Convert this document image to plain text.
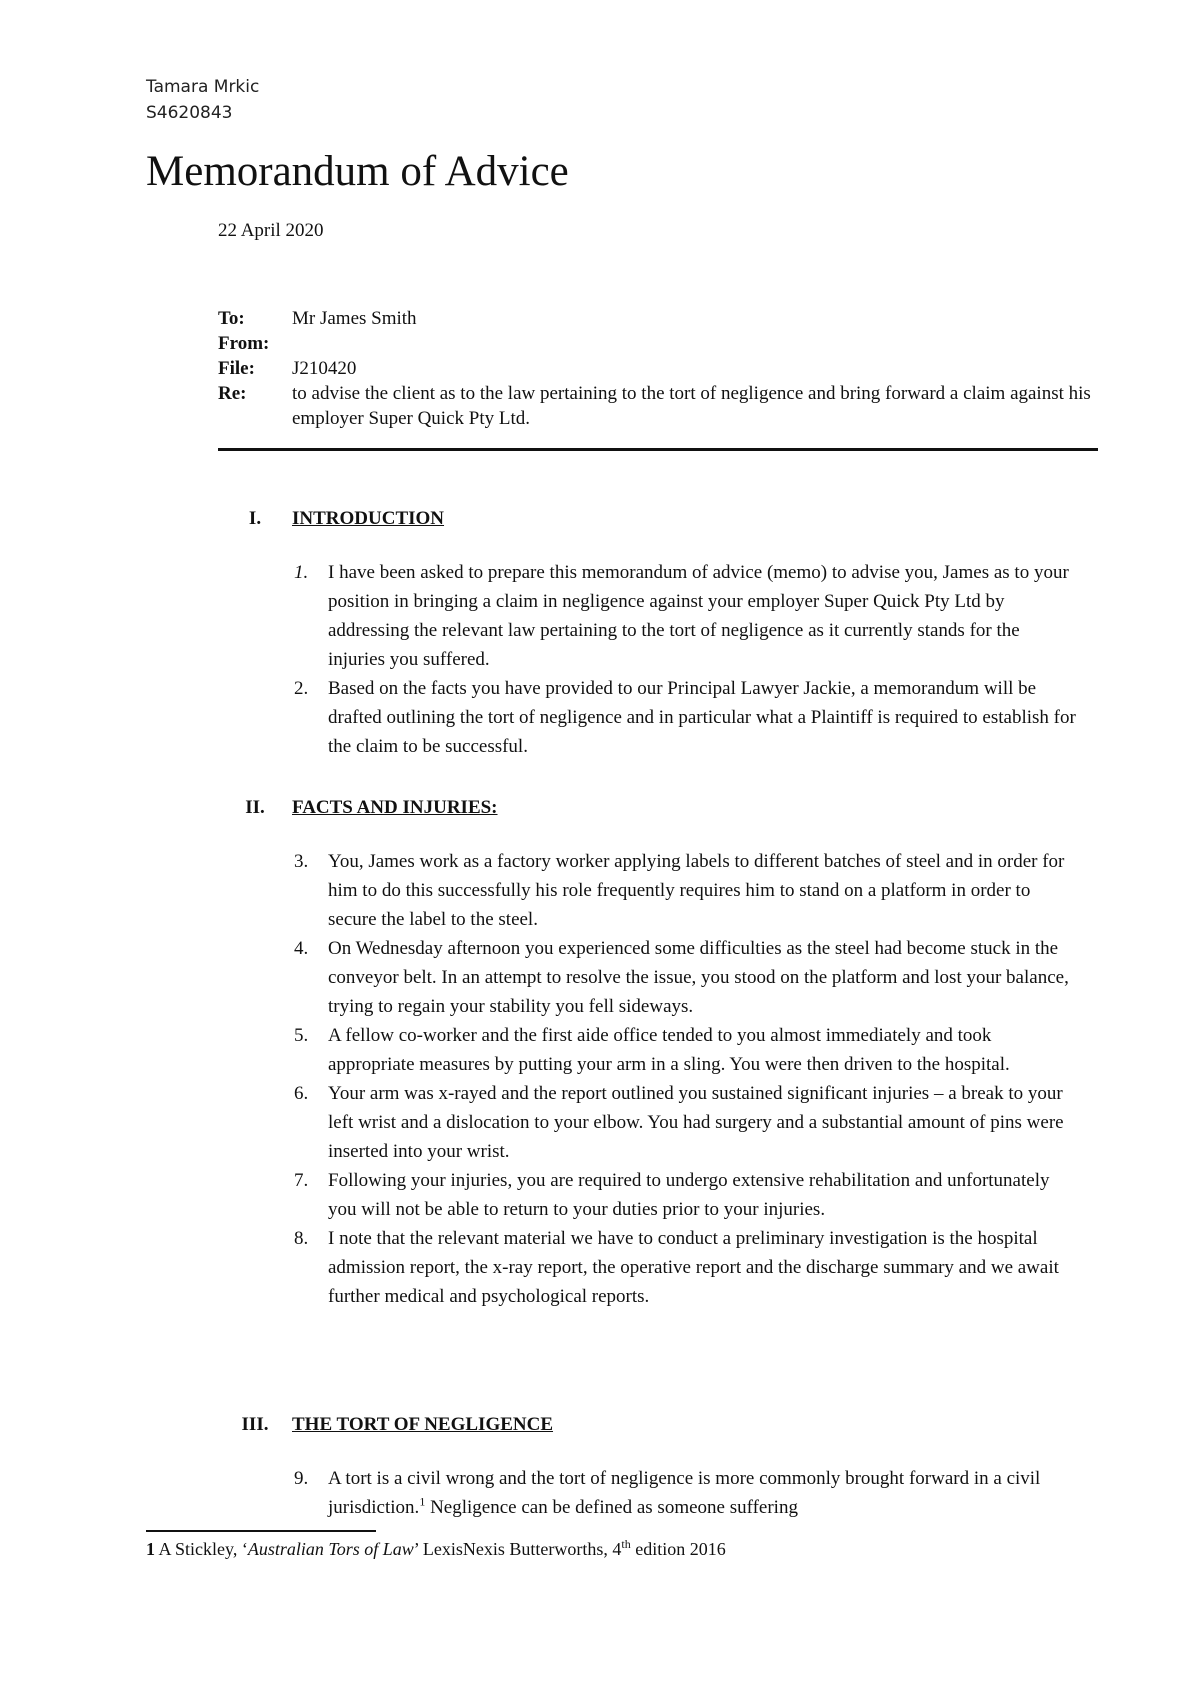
Tamara Mrkic
S4620843
Memorandum of Advice
22 April 2020
To:	Mr James Smith
From:
File:	J210420
Re:	to advise the client as to the law pertaining to the tort of negligence and bring forward a claim against his employer Super Quick Pty Ltd.
I.	INTRODUCTION
1.	I have been asked to prepare this memorandum of advice (memo) to advise you, James as to your position in bringing a claim in negligence against your employer Super Quick Pty Ltd by addressing the relevant law pertaining to the tort of negligence as it currently stands for the injuries you suffered.
2.	Based on the facts you have provided to our Principal Lawyer Jackie, a memorandum will be drafted outlining the tort of negligence and in particular what a Plaintiff is required to establish for the claim to be successful.
II.	FACTS AND INJURIES:
3.	You, James work as a factory worker applying labels to different batches of steel and in order for him to do this successfully his role frequently requires him to stand on a platform in order to secure the label to the steel.
4.	On Wednesday afternoon you experienced some difficulties as the steel had become stuck in the conveyor belt. In an attempt to resolve the issue, you stood on the platform and lost your balance, trying to regain your stability you fell sideways.
5.	A fellow co-worker and the first aide office tended to you almost immediately and took appropriate measures by putting your arm in a sling. You were then driven to the hospital.
6.	Your arm was x-rayed and the report outlined you sustained significant injuries – a break to your left wrist and a dislocation to your elbow. You had surgery and a substantial amount of pins were inserted into your wrist.
7.	Following your injuries, you are required to undergo extensive rehabilitation and unfortunately you will not be able to return to your duties prior to your injuries.
8.	I note that the relevant material we have to conduct a preliminary investigation is the hospital admission report, the x-ray report, the operative report and the discharge summary and we await further medical and psychological reports.
III.	THE TORT OF NEGLIGENCE
9.	A tort is a civil wrong and the tort of negligence is more commonly brought forward in a civil jurisdiction.$^1$ Negligence can be defined as someone suffering
1 A Stickley, ‘Australian Tors of Law’ LexisNexis Butterworths, 4th edition 2016
